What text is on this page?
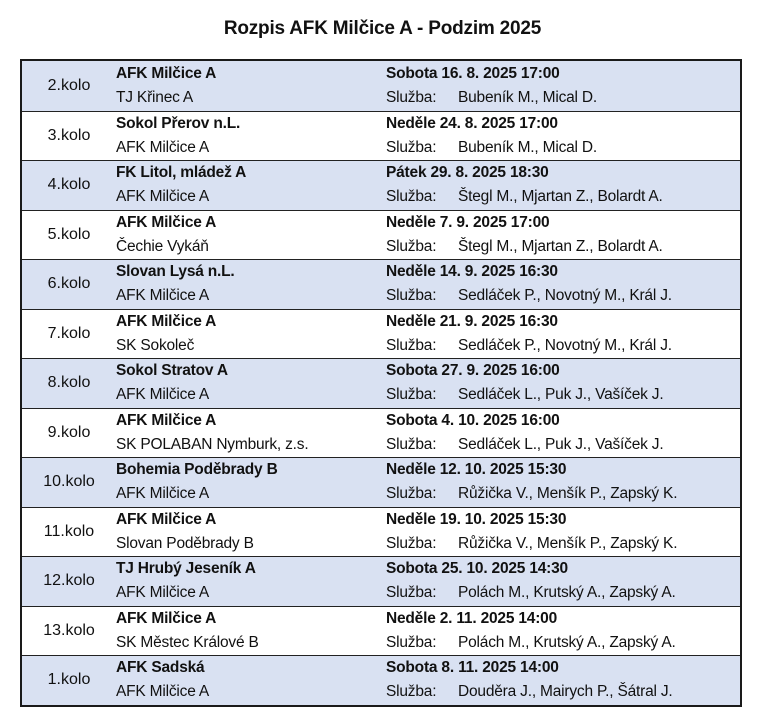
Rozpis AFK Milčice A - Podzim 2025
2.kolo
AFK Milčice A
TJ Křinec A
Sobota 16. 8. 2025 17:00
Služba: Bubeník M., Mical D.
3.kolo
Sokol Přerov n.L.
AFK Milčice A
Neděle 24. 8. 2025 17:00
Služba: Bubeník M., Mical D.
4.kolo
FK Litol, mládež A
AFK Milčice A
Pátek 29. 8. 2025 18:30
Služba: Štegl M., Mjartan Z., Bolardt A.
5.kolo
AFK Milčice A
Čechie Vykáň
Neděle 7. 9. 2025 17:00
Služba: Štegl M., Mjartan Z., Bolardt A.
6.kolo
Slovan Lysá n.L.
AFK Milčice A
Neděle 14. 9. 2025 16:30
Služba: Sedláček P., Novotný M., Král J.
7.kolo
AFK Milčice A
SK Sokoleč
Neděle 21. 9. 2025 16:30
Služba: Sedláček P., Novotný M., Král J.
8.kolo
Sokol Stratov A
AFK Milčice A
Sobota 27. 9. 2025 16:00
Služba: Sedláček L., Puk J., Vašíček J.
9.kolo
AFK Milčice A
SK POLABAN Nymburk, z.s.
Sobota 4. 10. 2025 16:00
Služba: Sedláček L., Puk J., Vašíček J.
10.kolo
Bohemia Poděbrady B
AFK Milčice A
Neděle 12. 10. 2025 15:30
Služba: Růžička V., Menšík P., Zapský K.
11.kolo
AFK Milčice A
Slovan Poděbrady B
Neděle 19. 10. 2025 15:30
Služba: Růžička V., Menšík P., Zapský K.
12.kolo
TJ Hrubý Jeseník A
AFK Milčice A
Sobota 25. 10. 2025 14:30
Služba: Polách M., Krutský A., Zapský A.
13.kolo
AFK Milčice A
SK Městec Králové B
Neděle 2. 11. 2025 14:00
Služba: Polách M., Krutský A., Zapský A.
1.kolo
AFK Sadská
AFK Milčice A
Sobota 8. 11. 2025 14:00
Služba: Douděra J., Mairych P., Šátral J.
